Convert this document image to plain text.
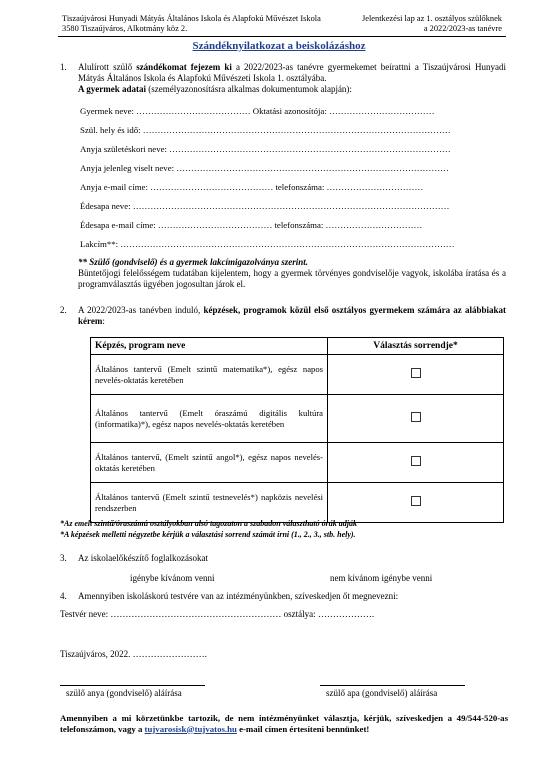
Tiszaújvárosi Hunyadi Mátyás Általános Iskola és Alapfokú Művészet Iskola
3580 Tiszaújváros, Alkotmány köz 2.
Jelentkezési lap az 1. osztályos szülőknek
a 2022/2023-as tanévre
Szándéknyilatkozat a beiskolázáshoz
1. Alulírott szülő szándékomat fejezem ki a 2022/2023-as tanévre gyermekemet beírattni a Tiszaújvárosi Hunyadi Mátyás Általános Iskola és Alapfokú Művészeti Iskola 1. osztályába.
A gyermek adatai (személyazonosításra alkalmas dokumentumok alapján):
Gyermek neve: ………………………………… Oktatási azonosítója: ………………………………
Szül. hely és idő: ……………………………………………………………………………………………
Anyja születéskori neve: ……………………………………………………………………………………
Anyja jelenleg viselt neve: …………………………………………………………………………………
Anyja e-mail címe: …………………………………… telefonszáma: ……………………………
Édesapa neve: ………………………………………………………………………………………………
Édesapa e-mail címe: ………………………………… telefonszáma: ……………………………
Lakcím**: ……………………………………………………………………………………………………
** Szülő (gondviselő) és a gyermek lakcímigazolványa szerint.
Büntetőjogi felelősségem tudatában kijelentem, hogy a gyermek törvényes gondviselője vagyok, iskolába íratása és a programválasztás ügyében jogosultan járok el.
2. A 2022/2023-as tanévben induló, képzések, programok közül első osztályos gyermekem számára az alábbiakat kérem:
Képzés, program neve	Választás sorrendje*
Általános tantervű (Emelt szintű matematika*), egész napos nevelés-oktatás keretében	
Általános tantervű (Emelt óraszámú digitális kultúra (informatika)*), egész napos nevelés-oktatás keretében	
Általános tantervű, (Emelt szintű angol*), egész napos nevelés-oktatás keretében	
Általános tantervű (Emelt szintű testnevelés*) napközis nevelési rendszerben	
*Az emelt szintű/óraszámú osztályokban alsó tagozaton a szabadon választható órák adják
*A képzések melletti négyzetbe kérjük a választási sorrend számát írni (1., 2., 3., stb. hely).
3. Az iskolaelőkészítő foglalkozásokat
igénybe kívánom venni	nem kívánom igénybe venni
4. Amennyiben iskoláskorú testvére van az intézményünkben, szíveskedjen őt megnevezni:
Testvér neve: ………………………………………………… osztálya: ……………….
Tiszaújváros, 2022. …………………….
szülő anya (gondviselő) aláírása	szülő apa (gondviselő) aláírása
Amennyiben a mi körzetünkbe tartozik, de nem intézményünket választja, kérjük, szíveskedjen a 49/544-520-as telefonszámon, vagy a tujvarosisk@tujvatos.hu e-mail címen értesíteni bennünket!
